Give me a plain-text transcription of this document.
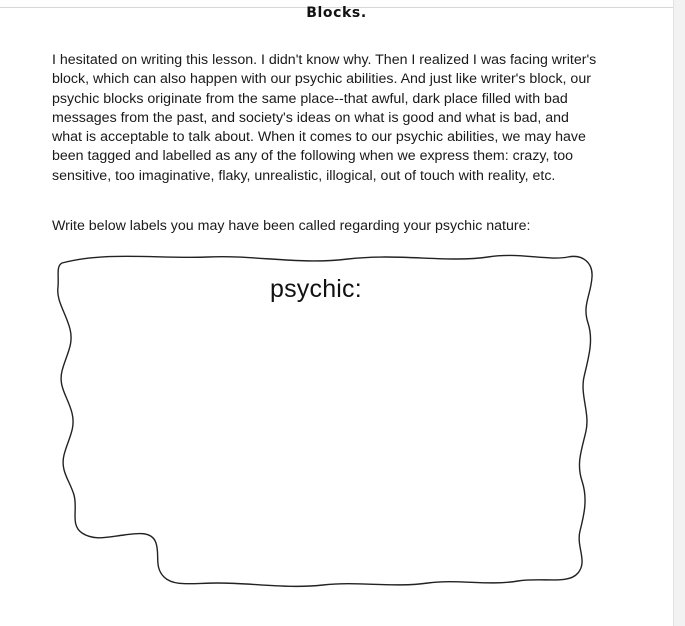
Blocks.
I hesitated on writing this lesson. I didn't know why. Then I realized I was facing writer's block, which can also happen with our psychic abilities. And just like writer's block, our psychic blocks originate from the same place--that awful, dark place filled with bad messages from the past, and society's ideas on what is good and what is bad, and what is acceptable to talk about. When it comes to our psychic abilities, we may have been tagged and labelled as any of the following when we express them: crazy, too sensitive, too imaginative, flaky, unrealistic, illogical, out of touch with reality, etc.
Write below labels you may have been called regarding your psychic nature:
psychic:
